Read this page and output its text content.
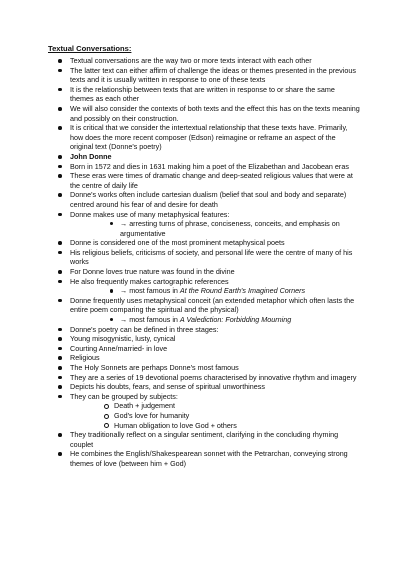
Textual Conversations:
Textual conversations are the way two or more texts interact with each other
The latter text can either affirm of challenge the ideas or themes presented in the previous texts and it is usually written in response to one of these texts
It is the relationship between texts that are written in response to or share the same themes as each other
We will also consider the contexts of both texts and the effect this has on the texts meaning and possibly on their construction.
It is critical that we consider the intertextual relationship that these texts have. Primarily, how does the more recent composer (Edson) reimagine or reframe an aspect of the original text (Donne's poetry)
John Donne
Born in 1572 and dies in 1631 making him a poet of the Elizabethan and Jacobean eras
These eras were times of dramatic change and deep-seated religious values that were at the centre of daily life
Donne's works often include cartesian dualism (belief that soul and body and separate) centred around his fear of and desire for death
Donne makes use of many metaphysical features:
→ arresting turns of phrase, conciseness, conceits, and emphasis on argumentative
Donne is considered one of the most prominent metaphysical poets
His religious beliefs, criticisms of society, and personal life were the centre of many of his works
For Donne loves true nature was found in the divine
He also frequently makes cartographic references
→ most famous in At the Round Earth's Imagined Corners
Donne frequently uses metaphysical conceit (an extended metaphor which often lasts the entire poem comparing the spiritual and the physical)
→ most famous in A Valediction: Forbidding Mourning
Donne's poetry can be defined in three stages:
Young misogynistic, lusty, cynical
Courting Anne/married- in love
Religious
The Holy Sonnets are perhaps Donne's most famous
They are a series of 19 devotional poems characterised by innovative rhythm and imagery
Depicts his doubts, fears, and sense of spiritual unworthiness
They can be grouped by subjects:
Death + judgement
God's love for humanity
Human obligation to love God + others
They traditionally reflect on a singular sentiment, clarifying in the concluding rhyming couplet
He combines the English/Shakespearean sonnet with the Petrarchan, conveying strong themes of love (between him + God)
